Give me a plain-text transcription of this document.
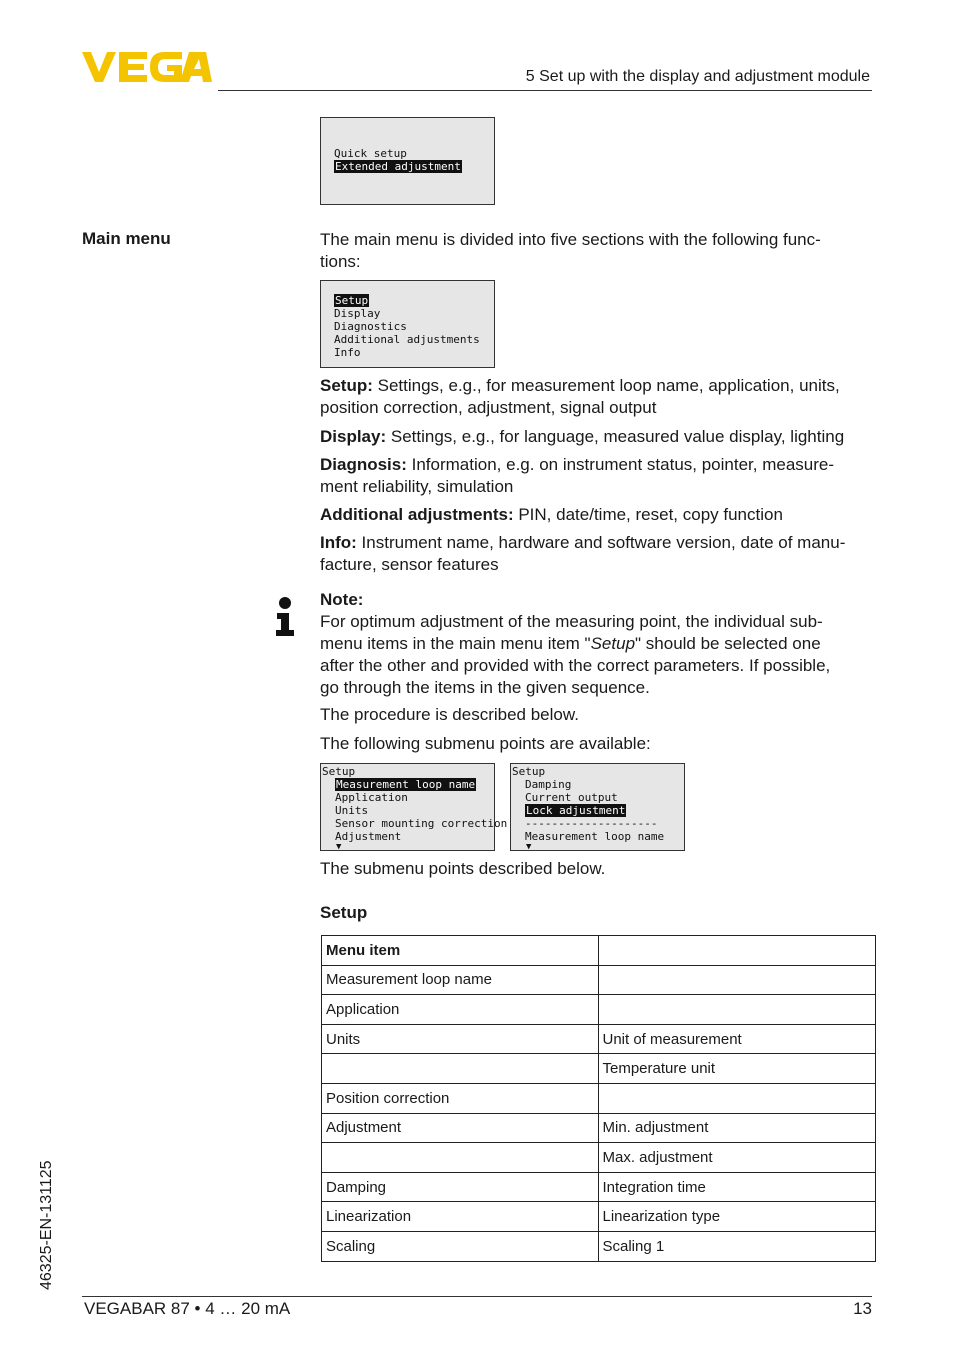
5 Set up with the display and adjustment module
Quick setup
Extended adjustment
Main menu	The main menu is divided into five sections with the following func-
tions:
Setup
Display
Diagnostics
Additional adjustments
Info
Setup: Settings, e.g., for measurement loop name, application, units,
position correction, adjustment, signal output
Display: Settings, e.g., for language, measured value display, lighting
Diagnosis: Information, e.g. on instrument status, pointer, measure-
ment reliability, simulation
Additional adjustments: PIN, date/time, reset, copy function
Info: Instrument name, hardware and software version, date of manu-
facture, sensor features
Note:
For optimum adjustment of the measuring point, the individual sub-
menu items in the main menu item "Setup" should be selected one
after the other and provided with the correct parameters. If possible,
go through the items in the given sequence.
The procedure is described below.
The following submenu points are available:
Setup
Measurement loop name
Application
Units
Sensor mounting correction
Adjustment
▼
Setup
Damping
Current output
Lock adjustment
--------------------
Measurement loop name
▼
The submenu points described below.
Setup
Menu item	
Measurement loop name	
Application	
Units	Unit of measurement
	Temperature unit
Position correction	
Adjustment	Min. adjustment
	Max. adjustment
Damping	Integration time
Linearization	Linearization type
Scaling	Scaling 1
46325-EN-131125
VEGABAR 87 • 4 … 20 mA	13
